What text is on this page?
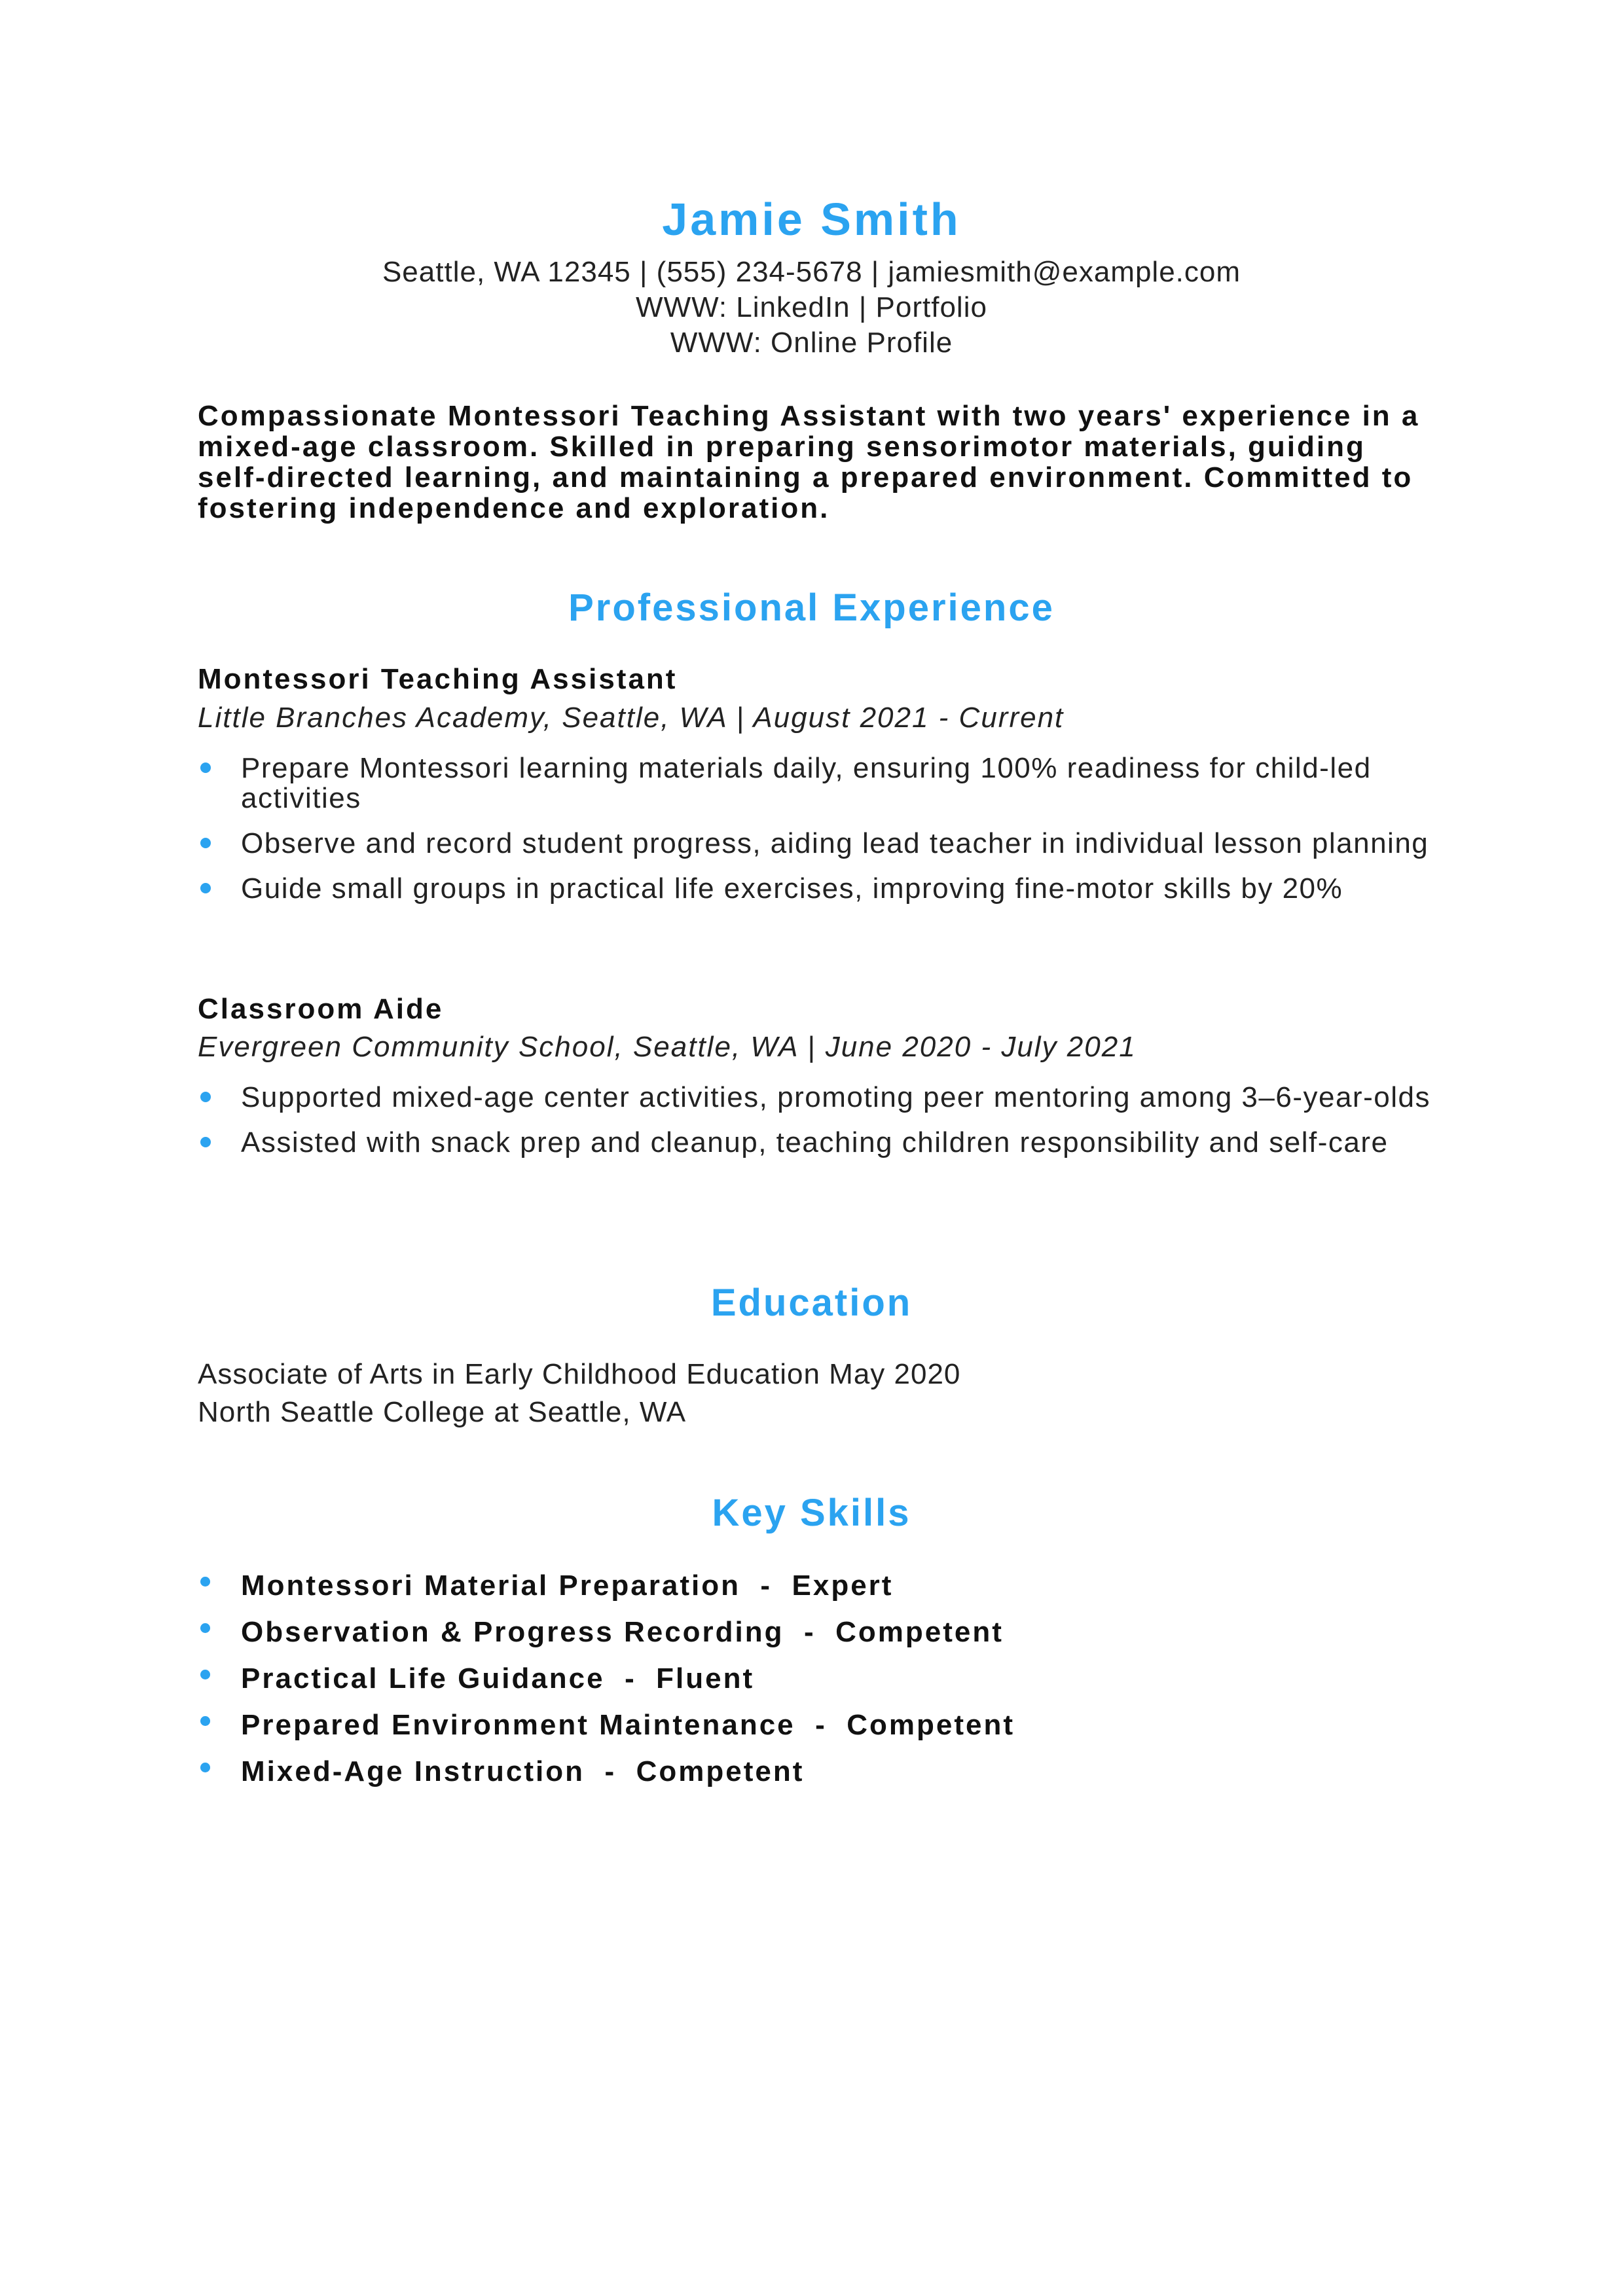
Jamie Smith
Seattle, WA 12345 | (555) 234-5678 | jamiesmith@example.com
WWW: LinkedIn | Portfolio
WWW: Online Profile
Compassionate Montessori Teaching Assistant with two years' experience in a mixed-age classroom. Skilled in preparing sensorimotor materials, guiding self-directed learning, and maintaining a prepared environment. Committed to fostering independence and exploration.
Professional Experience
Montessori Teaching Assistant
Little Branches Academy, Seattle, WA | August 2021 - Current
Prepare Montessori learning materials daily, ensuring 100% readiness for child-led activities
Observe and record student progress, aiding lead teacher in individual lesson planning
Guide small groups in practical life exercises, improving fine-motor skills by 20%
Classroom Aide
Evergreen Community School, Seattle, WA | June 2020 - July 2021
Supported mixed-age center activities, promoting peer mentoring among 3–6-year-olds
Assisted with snack prep and cleanup, teaching children responsibility and self-care
Education
Associate of Arts in Early Childhood Education May 2020
North Seattle College at Seattle, WA
Key Skills
Montessori Material Preparation  -  Expert
Observation & Progress Recording  -  Competent
Practical Life Guidance  -  Fluent
Prepared Environment Maintenance  -  Competent
Mixed-Age Instruction  -  Competent
